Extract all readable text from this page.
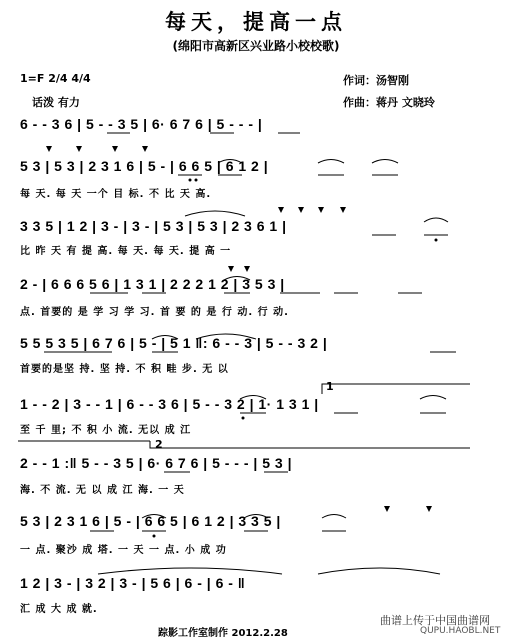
每天，提高一点
(绵阳市高新区兴业路小校校歌)
1=F 2/4 4/4	作词：汤智刚
话泼 有力	作曲：蒋丹 文晓玲
6 - - 3 6 | 5 - - 3 5 | 6· 6 7 6 | 5 - - - |
5 3 | 5 3 | 2 3 1 6 | 5 - | 6 6 5 | 6 1 2 |
每 天. 每 天 一个 目 标. 不 比 天 高.
3 3 5 | 1 2 | 3 - | 3 - | 5 3 | 5 3 | 2 3 6 1 |
比 昨 天 有 提 高. 每 天. 每 天. 提 高 一
2 - | 6 6 6 5 6 | 1 3 1 | 2 2 2 1 2 | 3 5 3 |
点. 首要的 是 学 习 学 习. 首 要 的 是 行 动. 行 动.
5 5 5 3 5 | 6 7 6 | 5 - | 5 1 ‖: 6 - - 3 | 5 - - 3 2 |
首要的是坚 持. 坚 持. 不 积 畦 步. 无 以
1 - - 2 | 3 - - 1 | 6 - - 3 6 | 5 - - 3 2 | 1· 1 3 1 |
至 千 里; 不 积 小 流. 无以 成 江
2 - - 1 :‖ 5 - - 3 5 | 6· 6 7 6 | 5 - - - | 5 3 |
海. 不 流. 无 以 成 江 海. 一 天
5 3 | 2 3 1 6 | 5 - | 6 6 5 | 6 1 2 | 3 3 5 |
一 点. 聚沙 成 塔. 一 天 一 点. 小 成 功
1 2 | 3 - | 3 2 | 3 - | 5 6 | 6 - | 6 - ‖
汇 成 大 成 就.
1
2
踪影工作室制作 2012.2.28
曲谱上传于中国曲谱网
QUPU.HAOBL.NET
